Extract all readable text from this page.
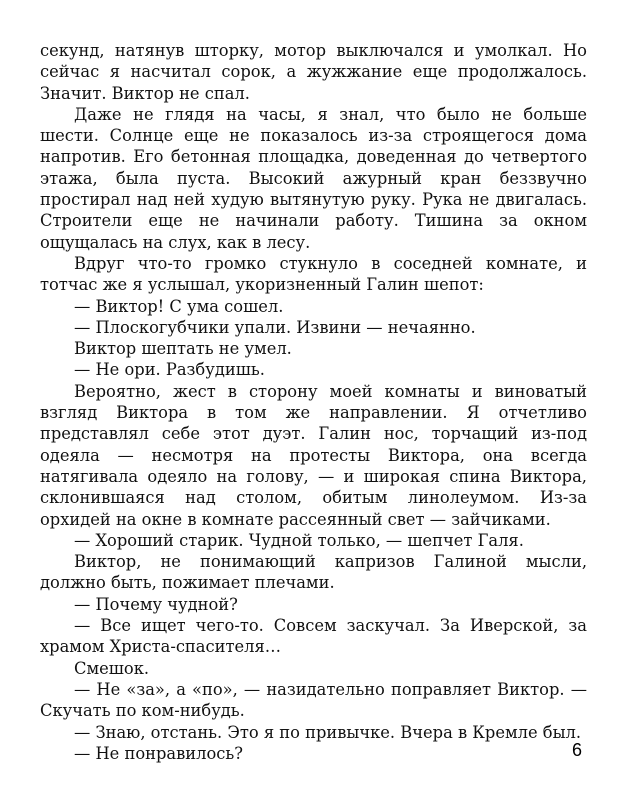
секунд, натянув шторку, мотор выключался и умолкал. Но сейчас я насчитал сорок, а жужжание еще продолжалось. Значит. Виктор не спал.

Даже не глядя на часы, я знал, что было не больше шести. Солнце еще не показалось из-за строящегося дома напротив. Его бетонная площадка, доведенная до четвертого этажа, была пуста. Высокий ажурный кран беззвучно простирал над ней худую вытянутую руку. Рука не двигалась. Строители еще не начинали работу. Тишина за окном ощущалась на слух, как в лесу.

Вдруг что-то громко стукнуло в соседней комнате, и тотчас же я услышал, укоризненный Галин шепот:

— Виктор! С ума сошел.

— Плоскогубчики упали. Извини — нечаянно.

Виктор шептать не умел.

— Не ори. Разбудишь.

Вероятно, жест в сторону моей комнаты и виноватый взгляд Виктора в том же направлении. Я отчетливо представлял себе этот дуэт. Галин нос, торчащий из-под одеяла — несмотря на протесты Виктора, она всегда натягивала одеяло на голову, — и широкая спина Виктора, склонившаяся над столом, обитым линолеумом. Из-за орхидей на окне в комнате рассеянный свет — зайчиками.

— Хороший старик. Чудной только, — шепчет Галя.

Виктор, не понимающий капризов Галиной мысли, должно быть, пожимает плечами.

— Почему чудной?

— Все ищет чего-то. Совсем заскучал. За Иверской, за храмом Христа-спасителя…

Смешок.

— Не «за», а «по», — назидательно поправляет Виктор. — Скучать по ком-нибудь.

— Знаю, отстань. Это я по привычке. Вчера в Кремле был.

— Не понравилось?	6
